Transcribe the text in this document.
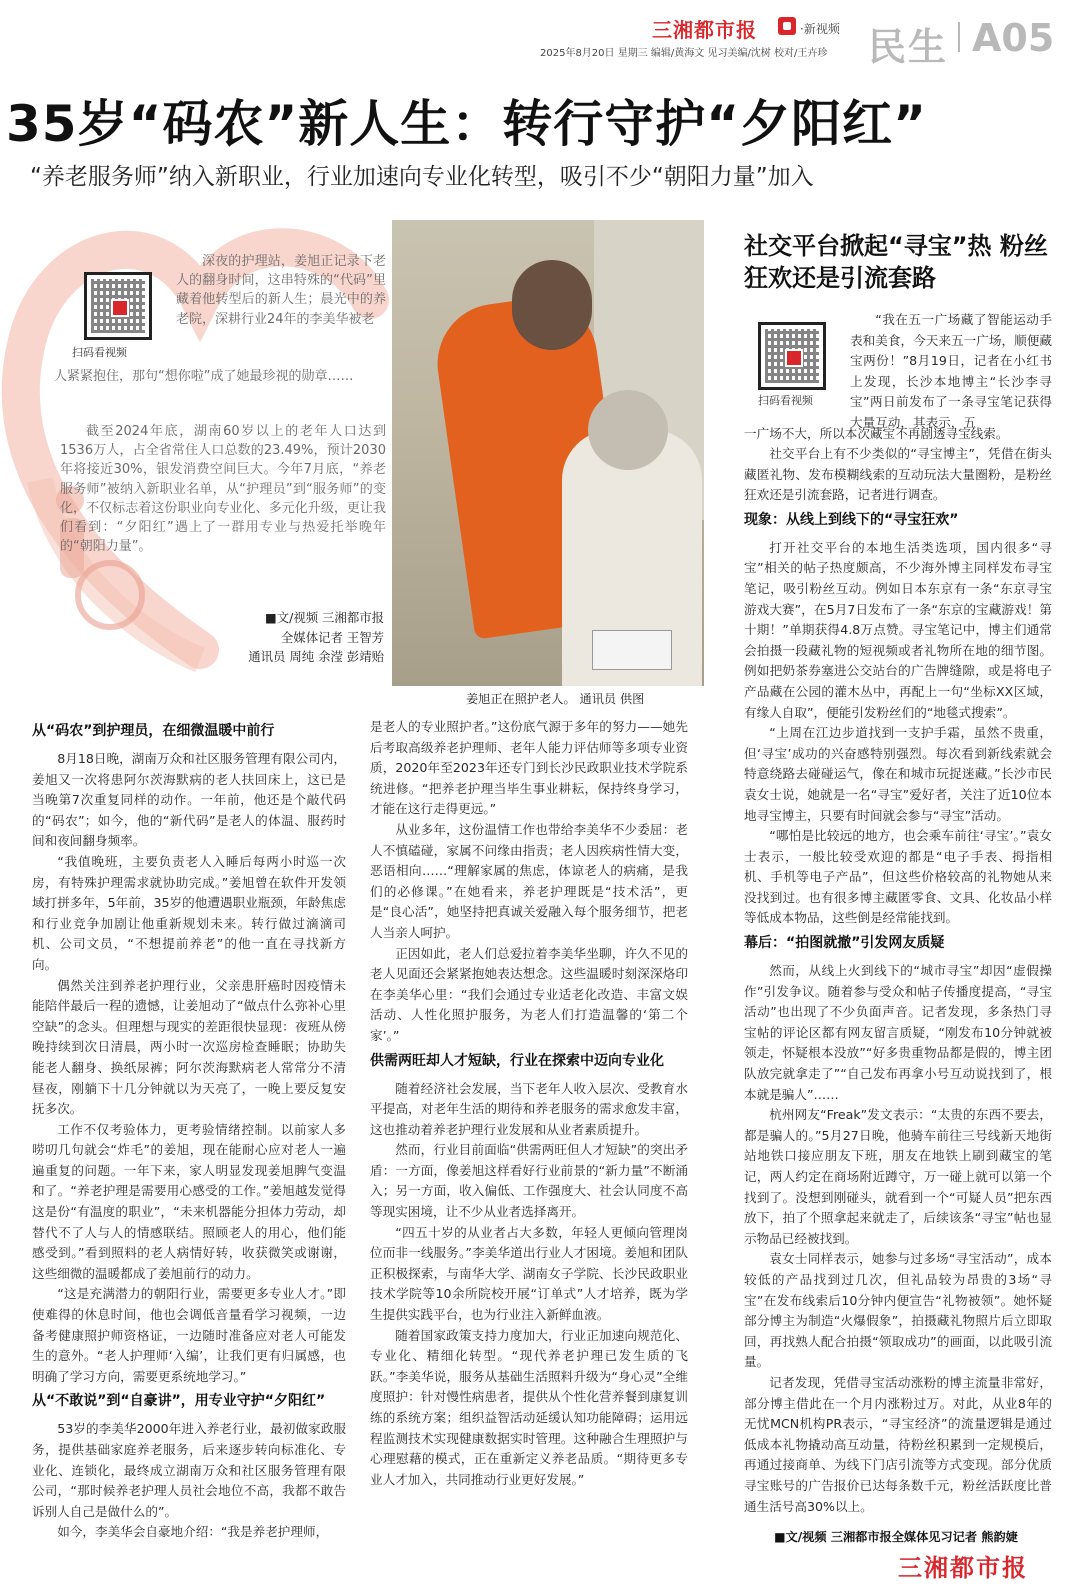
三湘都市报	·新视频
2025年8月20日 星期三 编辑/黄海文 见习美编/沈树 校对/王卉珍 民生 A05
35岁“码农”新人生：转行守护“夕阳红”
“养老服务师”纳入新职业，行业加速向专业化转型，吸引不少“朝阳力量”加入
扫码看视频

深夜的护理站，姜旭正记录下老人的翻身时间，这串特殊的“代码”里藏着他转型后的新人生；晨光中的养老院，深耕行业24年的李美华被老

人紧紧抱住，那句“想你啦”成了她最珍视的勋章……

截至2024年底，湖南60岁以上的老年人口达到1536万人，占全省常住人口总数的23.49%，预计2030年将接近30%，银发消费空间巨大。今年7月底，“养老服务师”被纳入新职业名单，从“护理员”到“服务师”的变化，不仅标志着这份职业向专业化、多元化升级，更让我们看到：“夕阳红”遇上了一群用专业与热爱托举晚年的“朝阳力量”。

■文/视频 三湘都市报
全媒体记者 王智芳
通讯员 周纯 余滢 彭靖贻
姜旭正在照护老人。 通讯员 供图
从“码农”到护理员，在细微温暖中前行

8月18日晚，湖南万众和社区服务管理有限公司内，姜旭又一次将患阿尔茨海默病的老人扶回床上，这已是当晚第7次重复同样的动作。一年前，他还是个敲代码的“码农”；如今，他的“新代码”是老人的体温、服药时间和夜间翻身频率。

“我值晚班，主要负责老人入睡后每两小时巡一次房，有特殊护理需求就协助完成。”姜旭曾在软件开发领域打拼多年，5年前，35岁的他遭遇职业瓶颈，年龄焦虑和行业竞争加剧让他重新规划未来。转行做过滴滴司机、公司文员，“不想提前养老”的他一直在寻找新方向。

偶然关注到养老护理行业，父亲患肝癌时因疫情未能陪伴最后一程的遗憾，让姜旭动了“做点什么弥补心里空缺”的念头。但理想与现实的差距很快显现：夜班从傍晚持续到次日清晨，两小时一次巡房检查睡眠；协助失能老人翻身、换纸尿裤；阿尔茨海默病老人常常分不清昼夜，刚躺下十几分钟就以为天亮了，一晚上要反复安抚多次。

工作不仅考验体力，更考验情绪控制。以前家人多唠叨几句就会“炸毛”的姜旭，现在能耐心应对老人一遍遍重复的问题。一年下来，家人明显发现姜旭脾气变温和了。“养老护理是需要用心感受的工作。”姜旭越发觉得这是份“有温度的职业”，“未来机器能分担体力劳动，却替代不了人与人的情感联结。照顾老人的用心，他们能感受到。”看到照料的老人病情好转，收获微笑或谢谢，这些细微的温暖都成了姜旭前行的动力。

“这是充满潜力的朝阳行业，需要更多专业人才。”即使难得的休息时间，他也会调低音量看学习视频，一边备考健康照护师资格证，一边随时准备应对老人可能发生的意外。“老人护理师‘入编’，让我们更有归属感，也明确了学习方向，需要更系统地学习。”

从“不敢说”到“自豪讲”，用专业守护“夕阳红”

53岁的李美华2000年进入养老行业，最初做家政服务，提供基础家庭养老服务，后来逐步转向标准化、专业化、连锁化，最终成立湖南万众和社区服务管理有限公司，“那时候养老护理人员社会地位不高，我都不敢告诉别人自己是做什么的”。

如今，李美华会自豪地介绍：“我是养老护理师，

是老人的专业照护者。”这份底气源于多年的努力——她先后考取高级养老护理师、老年人能力评估师等多项专业资质，2020年至2023年还专门到长沙民政职业技术学院系统进修。“把养老护理当毕生事业耕耘，保持终身学习，才能在这行走得更远。”

从业多年，这份温情工作也带给李美华不少委屈：老人不慎磕碰，家属不问缘由指责；老人因疾病性情大变，恶语相向……“理解家属的焦虑，体谅老人的病痛，是我们的必修课。”在她看来，养老护理既是“技术活”，更是“良心活”，她坚持把真诚关爱融入每个服务细节，把老人当亲人呵护。

正因如此，老人们总爱拉着李美华坐聊，许久不见的老人见面还会紧紧抱她表达想念。这些温暖时刻深深烙印在李美华心里：“我们会通过专业适老化改造、丰富文娱活动、人性化照护服务，为老人们打造温馨的‘第二个家’。”

供需两旺却人才短缺，行业在探索中迈向专业化

随着经济社会发展，当下老年人收入层次、受教育水平提高，对老年生活的期待和养老服务的需求愈发丰富，这也推动着养老护理行业发展和从业者素质提升。

然而，行业目前面临“供需两旺但人才短缺”的突出矛盾：一方面，像姜旭这样看好行业前景的“新力量”不断涌入；另一方面，收入偏低、工作强度大、社会认同度不高等现实困境，让不少从业者选择离开。

“四五十岁的从业者占大多数，年轻人更倾向管理岗位而非一线服务。”李美华道出行业人才困境。姜旭和团队正积极探索，与南华大学、湖南女子学院、长沙民政职业技术学院等10余所院校开展“订单式”人才培养，既为学生提供实践平台，也为行业注入新鲜血液。

随着国家政策支持力度加大，行业正加速向规范化、专业化、精细化转型。“现代养老护理已发生质的飞跃。”李美华说，服务从基础生活照料升级为“身心灵”全维度照护：针对慢性病患者，提供从个性化营养餐到康复训练的系统方案；组织益智活动延缓认知功能障碍；运用远程监测技术实现健康数据实时管理。这种融合生理照护与心理慰藉的模式，正在重新定义养老品质。“期待更多专业人才加入，共同推动行业更好发展。”

社交平台掀起“寻宝”热 粉丝狂欢还是引流套路
扫码看视频

“我在五一广场藏了智能运动手表和美食，今天来五一广场，顺便藏宝两份！”8月19日，记者在小红书上发现，长沙本地博主“长沙李寻宝”两日前发布了一条寻宝笔记获得大量互动，其表示，五

一广场不大，所以本次藏宝不再剧透寻宝线索。

社交平台上有不少类似的“寻宝博主”，凭借在街头藏匿礼物、发布模糊线索的互动玩法大量圈粉，是粉丝狂欢还是引流套路，记者进行调查。

现象：从线上到线下的“寻宝狂欢”

打开社交平台的本地生活类选项，国内很多“寻宝”相关的帖子热度颇高，不少海外博主同样发布寻宝笔记，吸引粉丝互动。例如日本东京有一条“东京寻宝游戏大赛”，在5月7日发布了一条“东京的宝藏游戏！第十期！”单期获得4.8万点赞。寻宝笔记中，博主们通常会拍摄一段藏礼物的短视频或者礼物所在地的细节图。例如把奶茶券塞进公交站台的广告牌缝隙，或是将电子产品藏在公园的灌木丛中，再配上一句“坐标XX区域，有缘人自取”，便能引发粉丝们的“地毯式搜索”。

“上周在江边步道找到一支护手霜，虽然不贵重，但‘寻宝’成功的兴奋感特别强烈。每次看到新线索就会特意绕路去碰碰运气，像在和城市玩捉迷藏。”长沙市民袁女士说，她就是一名“寻宝”爱好者，关注了近10位本地寻宝博主，只要有时间就会参与“寻宝”活动。

“哪怕是比较远的地方，也会乘车前往‘寻宝’。”袁女士表示，一般比较受欢迎的都是“电子手表、拇指相机、手机等电子产品”，但这些价格较高的礼物她从来没找到过。也有很多博主藏匿零食、文具、化妆品小样等低成本物品，这些倒是经常能找到。

幕后：“拍图就撤”引发网友质疑

然而，从线上火到线下的“城市寻宝”却因“虚假操作”引发争议。随着参与受众和帖子传播度提高，“寻宝活动”也出现了不少负面声音。记者发现，多条热门寻宝帖的评论区都有网友留言质疑，“刚发布10分钟就被领走，怀疑根本没放”“好多贵重物品都是假的，博主团队放完就拿走了”“自己发布再拿小号互动说找到了，根本就是骗人”……

杭州网友“Freak”发文表示：“太贵的东西不要去，都是骗人的。”5月27日晚，他骑车前往三号线新天地街站地铁口接应朋友下班，朋友在地铁上刷到藏宝的笔记，两人约定在商场附近蹲守，万一碰上就可以第一个找到了。没想到刚碰头，就看到一个“可疑人员”把东西放下，拍了个照拿起来就走了，后续该条“寻宝”帖也显示物品已经被找到。

袁女士同样表示，她参与过多场“寻宝活动”，成本较低的产品找到过几次，但礼品较为昂贵的3场“寻宝”在发布线索后10分钟内便宣告“礼物被领”。她怀疑部分博主为制造“火爆假象”，拍摄藏礼物照片后立即取回，再找熟人配合拍摄“领取成功”的画面，以此吸引流量。

记者发现，凭借寻宝活动涨粉的博主流量非常好，部分博主借此在一个月内涨粉过万。对此，从业8年的无忧MCN机构PR表示，“寻宝经济”的流量逻辑是通过低成本礼物撬动高互动量，待粉丝积累到一定规模后，再通过接商单、为线下门店引流等方式变现。部分优质寻宝账号的广告报价已达每条数千元，粉丝活跃度比普通生活号高30%以上。

■文/视频 三湘都市报全媒体见习记者 熊韵婕
三湘都市报
